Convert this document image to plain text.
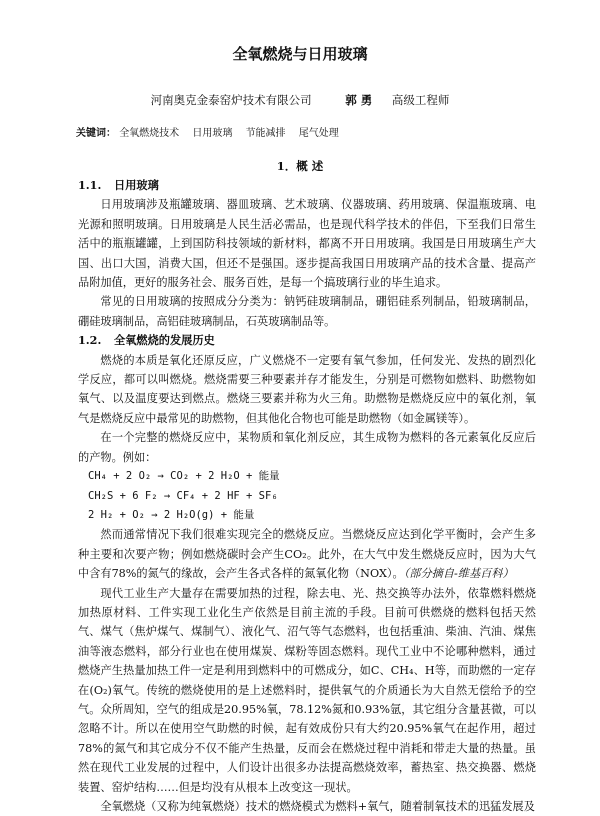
全氧燃烧与日用玻璃
河南奥克金泰窑炉技术有限公司	郭 勇 高级工程师
关键词： 全氧燃烧技术 日用玻璃 节能减排 尾气处理
1．概 述
1.1. 日用玻璃

日用玻璃涉及瓶罐玻璃、器皿玻璃、艺术玻璃、仪器玻璃、药用玻璃、保温瓶玻璃、电光源和照明玻璃。日用玻璃是人民生活必需品，也是现代科学技术的伴侣，下至我们日常生活中的瓶瓶罐罐，上到国防科技领域的新材料，都离不开日用玻璃。我国是日用玻璃生产大国、出口大国，消费大国，但还不是强国。逐步提高我国日用玻璃产品的技术含量、提高产品附加值，更好的服务社会、服务百姓，是每一个搞玻璃行业的毕生追求。

常见的日用玻璃的按照成分分类为：钠钙硅玻璃制品，硼铝硅系列制品，铅玻璃制品，硼硅玻璃制品，高铝硅玻璃制品，石英玻璃制品等。

1.2. 全氧燃烧的发展历史

燃烧的本质是氧化还原反应，广义燃烧不一定要有氧气参加，任何发光、发热的剧烈化学反应，都可以叫燃烧。燃烧需要三种要素并存才能发生，分别是可燃物如燃料、助燃物如氧气、以及温度要达到燃点。燃烧三要素并称为火三角。助燃物是燃烧反应中的氧化剂，氧气是燃烧反应中最常见的助燃物，但其他化合物也可能是助燃物（如金属镁等）。

在一个完整的燃烧反应中，某物质和氧化剂反应，其生成物为燃料的各元素氧化反应后的产物。例如：

CH₄ + 2 O₂ → CO₂ + 2 H₂O + 能量
CH₂S + 6 F₂ → CF₄ + 2 HF + SF₆
2 H₂ + O₂ → 2 H₂O(g) + 能量

然而通常情况下我们很难实现完全的燃烧反应。当燃烧反应达到化学平衡时，会产生多种主要和次要产物；例如燃烧碳时会产生CO₂。此外，在大气中发生燃烧反应时，因为大气中含有78%的氮气的缘故，会产生各式各样的氮氧化物（NOX）。（部分摘自-维基百科）

现代工业生产大量存在需要加热的过程，除去电、光、热交换等办法外，依靠燃料燃烧加热原材料、工件实现工业化生产依然是目前主流的手段。目前可供燃烧的燃料包括天然气、煤气（焦炉煤气、煤制气）、液化气、沼气等气态燃料，也包括重油、柴油、汽油、煤焦油等液态燃料，部分行业也在使用煤炭、煤粉等固态燃料。现代工业中不论哪种燃料，通过燃烧产生热量加热工件一定是利用到燃料中的可燃成分，如C、CH₄、H等，而助燃的一定存在(O₂)氧气。传统的燃烧使用的是上述燃料时，提供氧气的介质通长为大自然无偿给予的空气。众所周知，空气的组成是20.95%氧，78.12%氮和0.93%氩，其它组分含量甚微，可以忽略不计。所以在使用空气助燃的时候，起有效成份只有大约20.95%氧气在起作用，超过78%的氮气和其它成分不仅不能产生热量，反而会在燃烧过程中消耗和带走大量的热量。虽然在现代工业发展的过程中，人们设计出很多办法提高燃烧效率，蓄热室、热交换器、燃烧装置、窑炉结构……但是均没有从根本上改变这一现状。

全氧燃烧（又称为纯氧燃烧）技术的燃烧模式为燃料+氧气，随着制氧技术的迅猛发展及
